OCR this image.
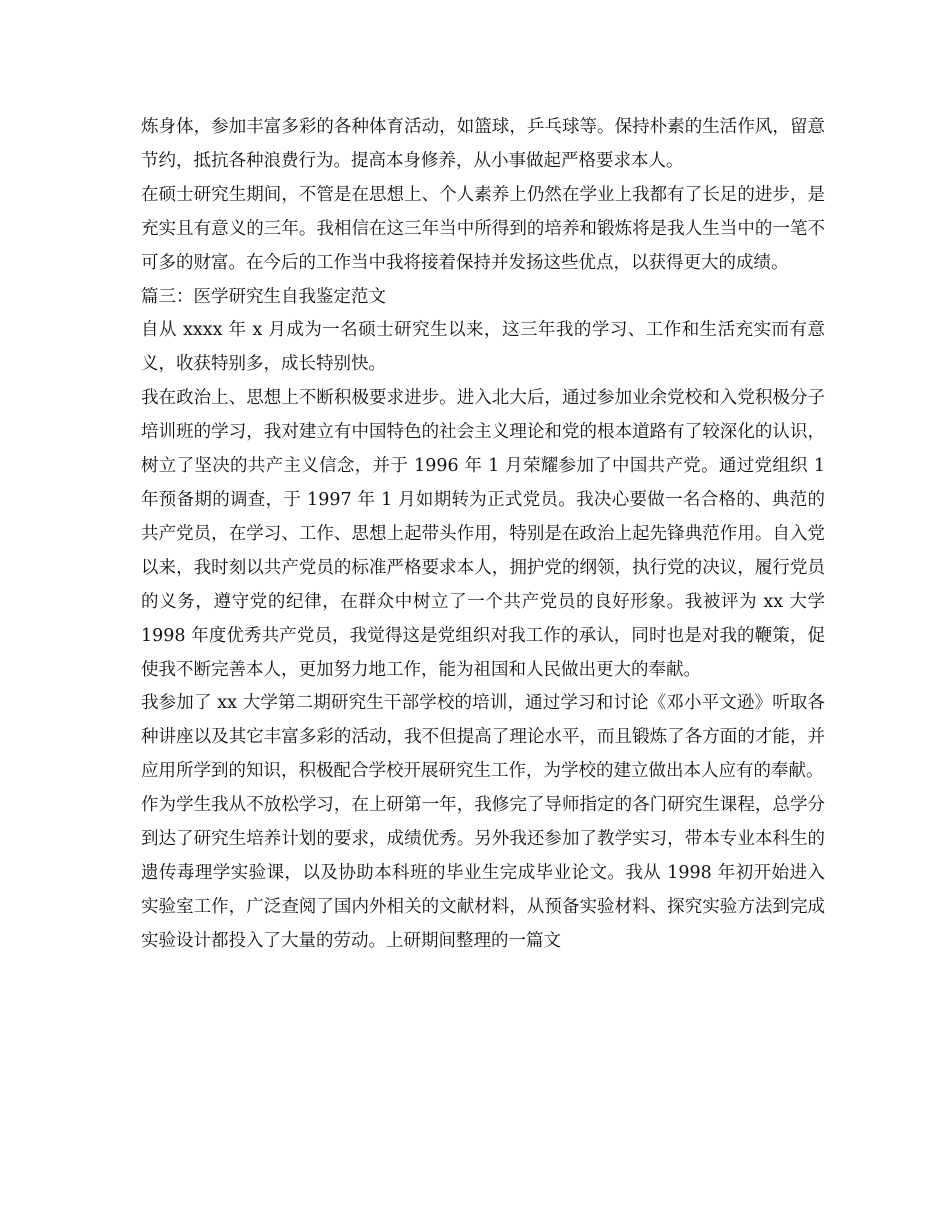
炼身体，参加丰富多彩的各种体育活动，如篮球，乒乓球等。保持朴素的生活作风，留意节约，抵抗各种浪费行为。提高本身修养，从小事做起严格要求本人。

在硕士研究生期间，不管是在思想上、个人素养上仍然在学业上我都有了长足的进步，是充实且有意义的三年。我相信在这三年当中所得到的培养和锻炼将是我人生当中的一笔不可多的财富。在今后的工作当中我将接着保持并发扬这些优点，以获得更大的成绩。

篇三：医学研究生自我鉴定范文

自从 xxxx 年 x 月成为一名硕士研究生以来，这三年我的学习、工作和生活充实而有意义，收获特别多，成长特别快。

我在政治上、思想上不断积极要求进步。进入北大后，通过参加业余党校和入党积极分子培训班的学习，我对建立有中国特色的社会主义理论和党的根本道路有了较深化的认识，树立了坚决的共产主义信念，并于 1996 年 1 月荣耀参加了中国共产党。通过党组织 1 年预备期的调查，于 1997 年 1 月如期转为正式党员。我决心要做一名合格的、典范的共产党员，在学习、工作、思想上起带头作用，特别是在政治上起先锋典范作用。自入党以来，我时刻以共产党员的标准严格要求本人，拥护党的纲领，执行党的决议，履行党员的义务，遵守党的纪律，在群众中树立了一个共产党员的良好形象。我被评为 xx 大学 1998 年度优秀共产党员，我觉得这是党组织对我工作的承认，同时也是对我的鞭策，促使我不断完善本人，更加努力地工作，能为祖国和人民做出更大的奉献。

我参加了 xx 大学第二期研究生干部学校的培训，通过学习和讨论《邓小平文逊》听取各种讲座以及其它丰富多彩的活动，我不但提高了理论水平，而且锻炼了各方面的才能，并应用所学到的知识，积极配合学校开展研究生工作，为学校的建立做出本人应有的奉献。

作为学生我从不放松学习，在上研第一年，我修完了导师指定的各门研究生课程，总学分到达了研究生培养计划的要求，成绩优秀。另外我还参加了教学实习，带本专业本科生的遗传毒理学实验课，以及协助本科班的毕业生完成毕业论文。我从 1998 年初开始进入实验室工作，广泛查阅了国内外相关的文献材料，从预备实验材料、探究实验方法到完成实验设计都投入了大量的劳动。上研期间整理的一篇文
